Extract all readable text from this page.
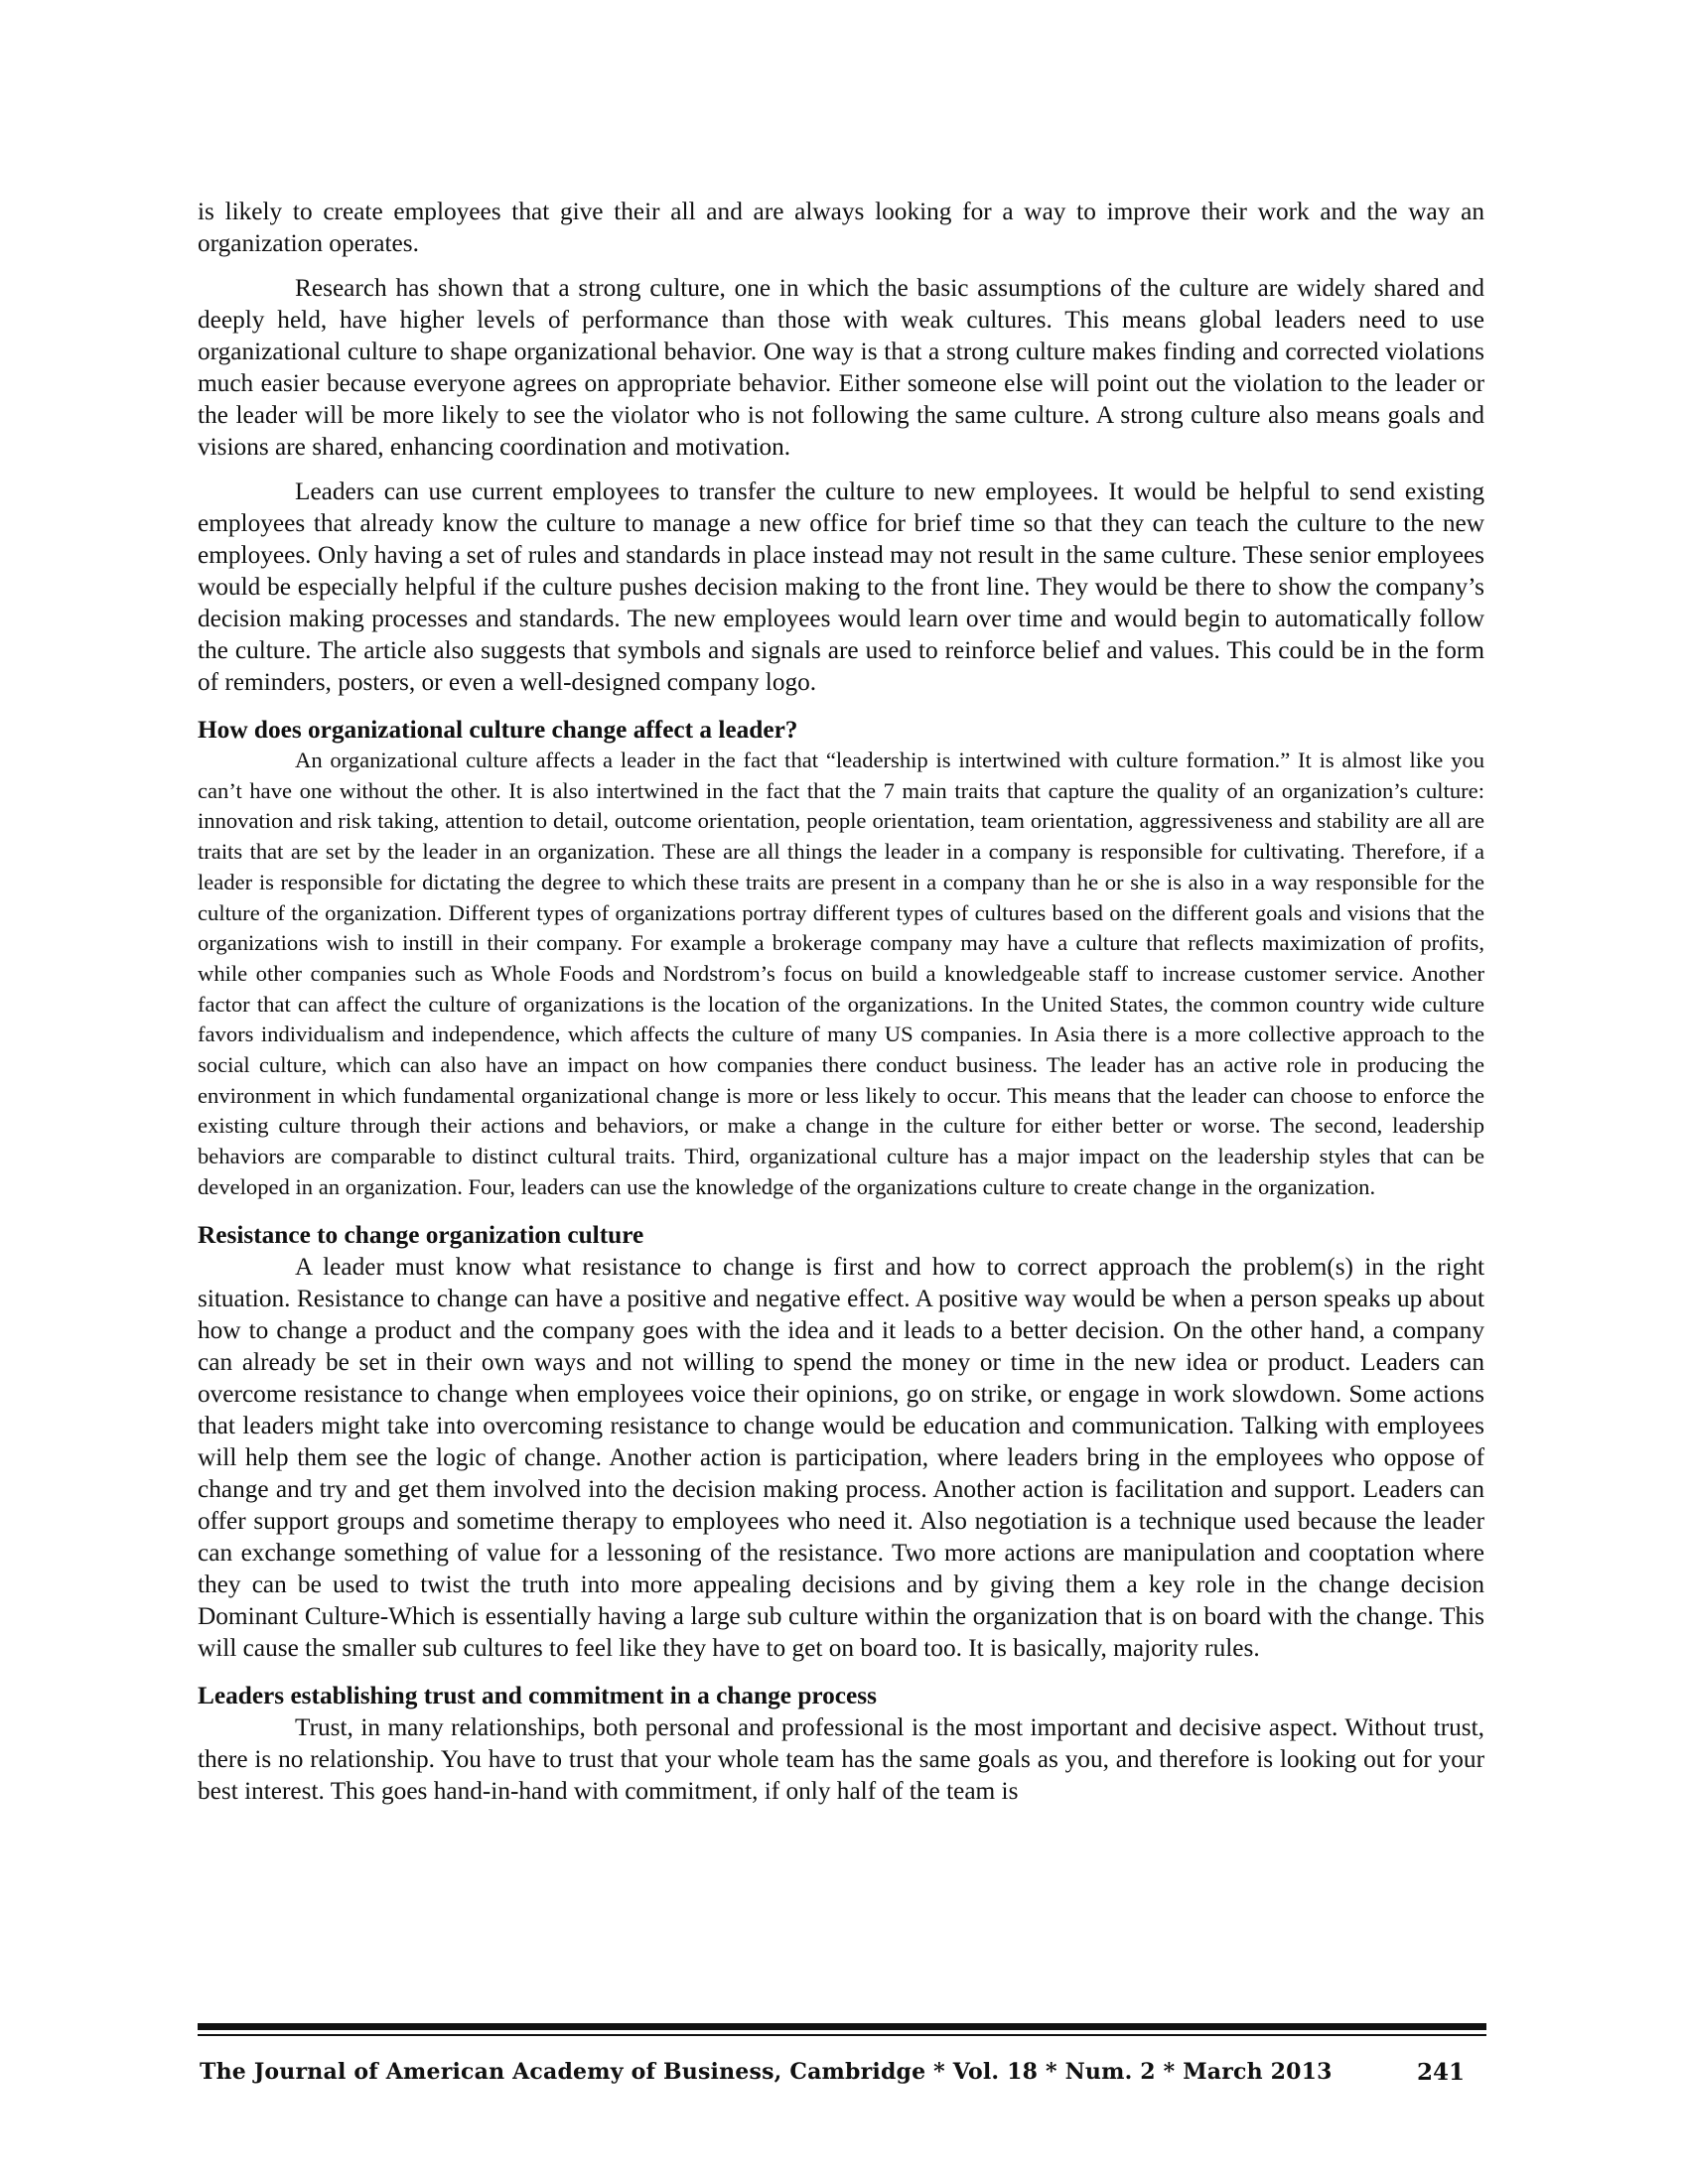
is likely to create employees that give their all and are always looking for a way to improve their work and the way an organization operates.

Research has shown that a strong culture, one in which the basic assumptions of the culture are widely shared and deeply held, have higher levels of performance than those with weak cultures. This means global leaders need to use organizational culture to shape organizational behavior. One way is that a strong culture makes finding and corrected violations much easier because everyone agrees on appropriate behavior. Either someone else will point out the violation to the leader or the leader will be more likely to see the violator who is not following the same culture. A strong culture also means goals and visions are shared, enhancing coordination and motivation.

Leaders can use current employees to transfer the culture to new employees. It would be helpful to send existing employees that already know the culture to manage a new office for brief time so that they can teach the culture to the new employees. Only having a set of rules and standards in place instead may not result in the same culture. These senior employees would be especially helpful if the culture pushes decision making to the front line. They would be there to show the company’s decision making processes and standards. The new employees would learn over time and would begin to automatically follow the culture. The article also suggests that symbols and signals are used to reinforce belief and values. This could be in the form of reminders, posters, or even a well-designed company logo.

How does organizational culture change affect a leader?

An organizational culture affects a leader in the fact that “leadership is intertwined with culture formation.” It is almost like you can’t have one without the other. It is also intertwined in the fact that the 7 main traits that capture the quality of an organization’s culture: innovation and risk taking, attention to detail, outcome orientation, people orientation, team orientation, aggressiveness and stability are all are traits that are set by the leader in an organization. These are all things the leader in a company is responsible for cultivating. Therefore, if a leader is responsible for dictating the degree to which these traits are present in a company than he or she is also in a way responsible for the culture of the organization. Different types of organizations portray different types of cultures based on the different goals and visions that the organizations wish to instill in their company. For example a brokerage company may have a culture that reflects maximization of profits, while other companies such as Whole Foods and Nordstrom’s focus on build a knowledgeable staff to increase customer service. Another factor that can affect the culture of organizations is the location of the organizations. In the United States, the common country wide culture favors individualism and independence, which affects the culture of many US companies. In Asia there is a more collective approach to the social culture, which can also have an impact on how companies there conduct business. The leader has an active role in producing the environment in which fundamental organizational change is more or less likely to occur. This means that the leader can choose to enforce the existing culture through their actions and behaviors, or make a change in the culture for either better or worse. The second, leadership behaviors are comparable to distinct cultural traits. Third, organizational culture has a major impact on the leadership styles that can be developed in an organization. Four, leaders can use the knowledge of the organizations culture to create change in the organization.

Resistance to change organization culture

A leader must know what resistance to change is first and how to correct approach the problem(s) in the right situation. Resistance to change can have a positive and negative effect. A positive way would be when a person speaks up about how to change a product and the company goes with the idea and it leads to a better decision. On the other hand, a company can already be set in their own ways and not willing to spend the money or time in the new idea or product. Leaders can overcome resistance to change when employees voice their opinions, go on strike, or engage in work slowdown. Some actions that leaders might take into overcoming resistance to change would be education and communication. Talking with employees will help them see the logic of change. Another action is participation, where leaders bring in the employees who oppose of change and try and get them involved into the decision making process. Another action is facilitation and support. Leaders can offer support groups and sometime therapy to employees who need it. Also negotiation is a technique used because the leader can exchange something of value for a lessoning of the resistance. Two more actions are manipulation and cooptation where they can be used to twist the truth into more appealing decisions and by giving them a key role in the change decision Dominant Culture-Which is essentially having a large sub culture within the organization that is on board with the change. This will cause the smaller sub cultures to feel like they have to get on board too. It is basically, majority rules.

Leaders establishing trust and commitment in a change process

Trust, in many relationships, both personal and professional is the most important and decisive aspect. Without trust, there is no relationship. You have to trust that your whole team has the same goals as you, and therefore is looking out for your best interest. This goes hand-in-hand with commitment, if only half of the team is

The Journal of American Academy of Business, Cambridge * Vol. 18 * Num. 2 * March 2013	241
